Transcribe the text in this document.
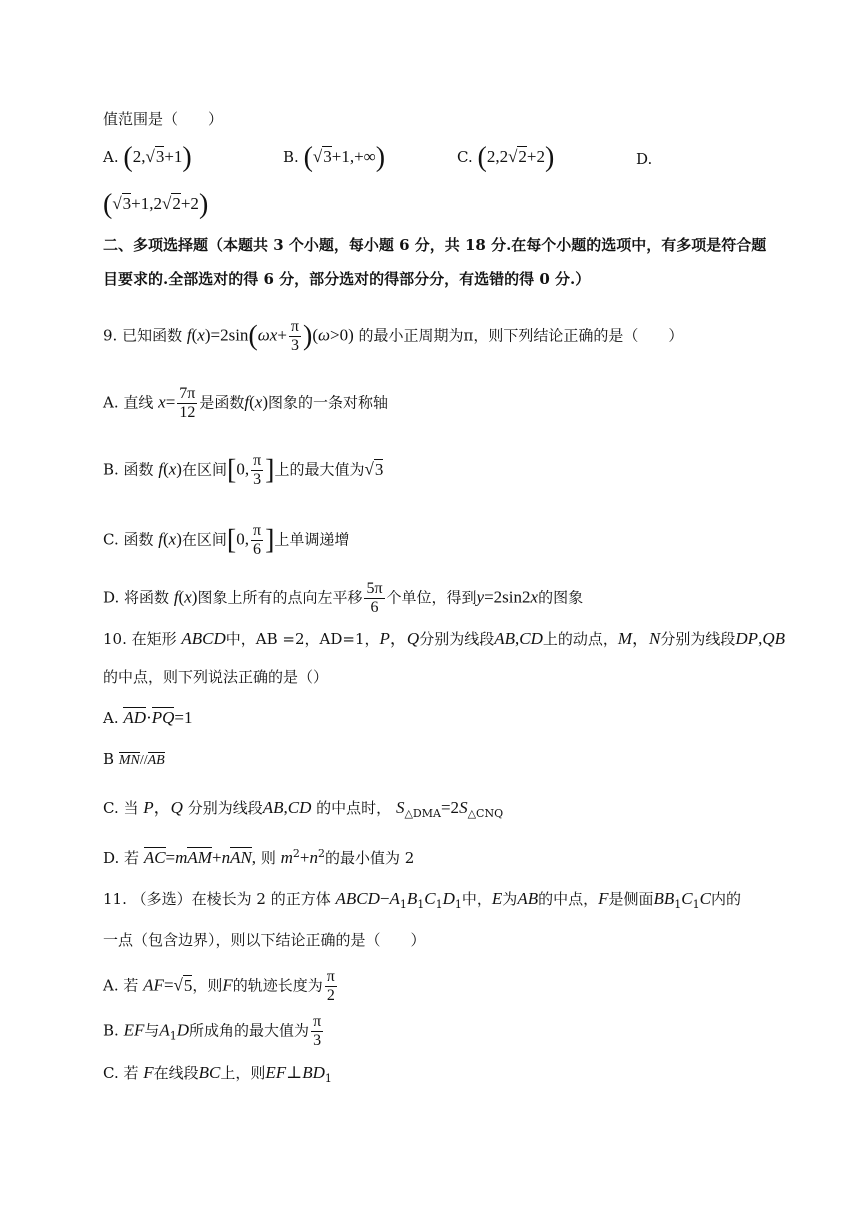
值范围是（　　）
A. (2,√3+1)	B. (√3+1,+∞)	C. (2,2√2+2)	D.
(√3+1,2√2+2)
二、多项选择题（本题共 3 个小题，每小题 6 分，共 18 分.在每个小题的选项中，有多项是符合题
目要求的.全部选对的得 6 分，部分选对的得部分分，有选错的得 0 分.）
9. 已知函数 $f(x)=2\sin(\omega x+ \frac{\pi}{3} )(\omega>0)$ 的最小正周期为π，则下列结论正确的是（　　）
A. 直线 $x= \frac{7\pi}{12}$ 是函数f(x)图象的一条对称轴
B. 函数 f(x)在区间[0, $\frac{\pi}{3}$ ]上的最大值为√3
C. 函数 f(x)在区间[0, $\frac{\pi}{6}$ ]上单调递增
D. 将函数 f(x)图象上所有的点向左平移 $\frac{5\pi}{6}$ 个单位，得到y=2sin2x的图象
10. 在矩形 ABCD中，AB =2，AD=1，P，Q分别为线段AB,CD上的动点，M，N分别为线段DP,QB
的中点，则下列说法正确的是（）
A. AD·PQ=1
B MN//AB
C. 当 P，Q 分别为线段AB,CD 的中点时， $S_{\triangle DMA}=2S_{\triangle CNQ}$
D. 若 AC=mAM+nAN, 则 $m^2+n^2$的最小值为 2
11. （多选）在棱长为 2 的正方体 $ABCD-A_1B_1C_1D_1$中，E为AB的中点，F是侧面$BB_1C_1C$内的
一点（包含边界），则以下结论正确的是（　　）
A. 若 AF=√5，则F的轨迹长度为 $\frac{\pi}{2}$
B. EF与$A_1D$所成角的最大值为 $\frac{\pi}{3}$
C. 若 F在线段BC上，则$EF\perp BD_1$
